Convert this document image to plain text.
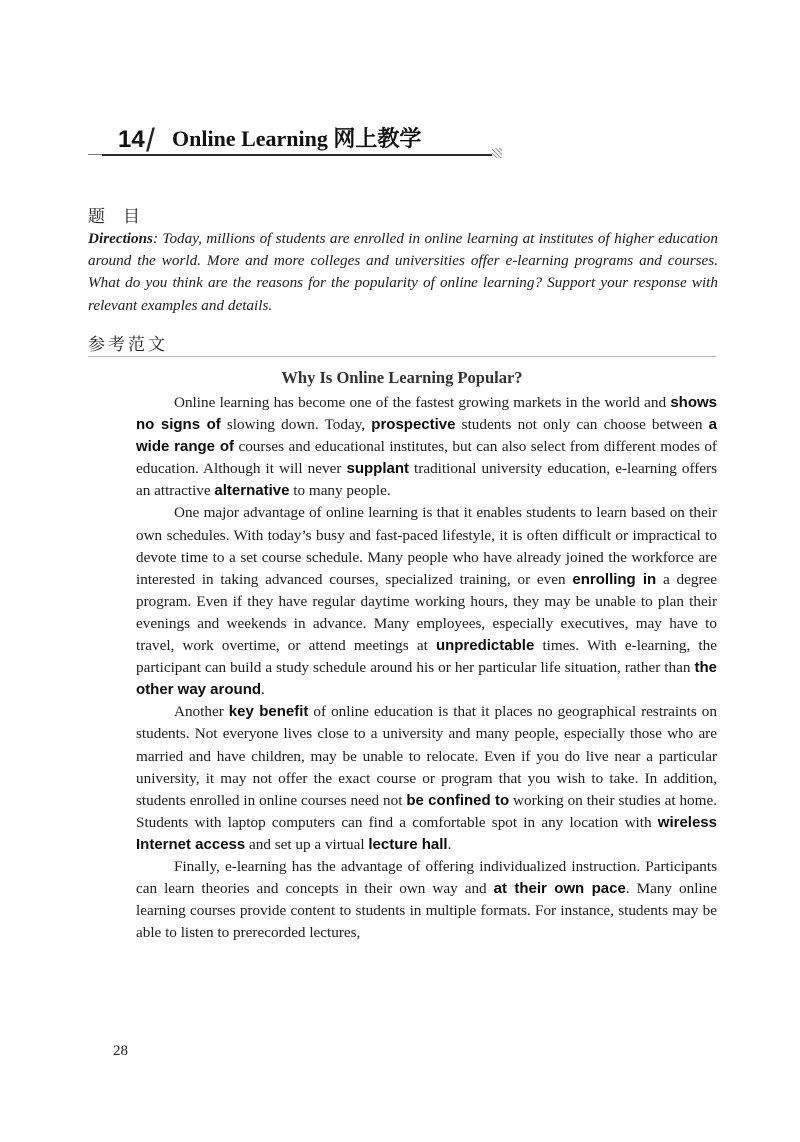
14 / Online Learning 网上教学
题目
Directions: Today, millions of students are enrolled in online learning at institutes of higher education around the world. More and more colleges and universities offer e-learning programs and courses. What do you think are the reasons for the popularity of online learning? Support your response with relevant examples and details.
参考范文
Why Is Online Learning Popular?

Online learning has become one of the fastest growing markets in the world and shows no signs of slowing down. Today, prospective students not only can choose between a wide range of courses and educational institutes, but can also select from different modes of education. Although it will never supplant traditional university education, e-learning offers an attractive alternative to many people.

One major advantage of online learning is that it enables students to learn based on their own schedules. With today’s busy and fast-paced lifestyle, it is often difficult or impractical to devote time to a set course schedule. Many people who have already joined the workforce are interested in taking advanced courses, specialized training, or even enrolling in a degree program. Even if they have regular daytime working hours, they may be unable to plan their evenings and weekends in advance. Many employees, especially executives, may have to travel, work overtime, or attend meetings at unpredictable times. With e-learning, the participant can build a study schedule around his or her particular life situation, rather than the other way around.

Another key benefit of online education is that it places no geographical restraints on students. Not everyone lives close to a university and many people, especially those who are married and have children, may be unable to relocate. Even if you do live near a particular university, it may not offer the exact course or program that you wish to take. In addition, students enrolled in online courses need not be confined to working on their studies at home. Students with laptop computers can find a comfortable spot in any location with wireless Internet access and set up a virtual lecture hall.

Finally, e-learning has the advantage of offering individualized instruction. Participants can learn theories and concepts in their own way and at their own pace. Many online learning courses provide content to students in multiple formats. For instance, students may be able to listen to prerecorded lectures,

28
